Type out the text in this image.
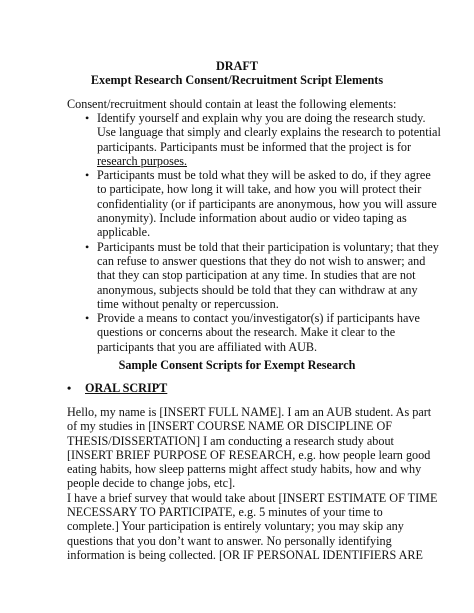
DRAFT
Exempt Research Consent/Recruitment Script Elements
Consent/recruitment should contain at least the following elements:
• Identify yourself and explain why you are doing the research study.
Use language that simply and clearly explains the research to potential
participants. Participants must be informed that the project is for
research purposes.
• Participants must be told what they will be asked to do, if they agree
to participate, how long it will take, and how you will protect their
confidentiality (or if participants are anonymous, how you will assure
anonymity). Include information about audio or video taping as
applicable.
• Participants must be told that their participation is voluntary; that they
can refuse to answer questions that they do not wish to answer; and
that they can stop participation at any time. In studies that are not
anonymous, subjects should be told that they can withdraw at any
time without penalty or repercussion.
• Provide a means to contact you/investigator(s) if participants have
questions or concerns about the research. Make it clear to the
participants that you are affiliated with AUB.
Sample Consent Scripts for Exempt Research
• ORAL SCRIPT
Hello, my name is [INSERT FULL NAME]. I am an AUB student. As part
of my studies in [INSERT COURSE NAME OR DISCIPLINE OF
THESIS/DISSERTATION] I am conducting a research study about
[INSERT BRIEF PURPOSE OF RESEARCH, e.g. how people learn good
eating habits, how sleep patterns might affect study habits, how and why
people decide to change jobs, etc].
I have a brief survey that would take about [INSERT ESTIMATE OF TIME
NECESSARY TO PARTICIPATE, e.g. 5 minutes of your time to
complete.] Your participation is entirely voluntary; you may skip any
questions that you don’t want to answer. No personally identifying
information is being collected. [OR IF PERSONAL IDENTIFIERS ARE
